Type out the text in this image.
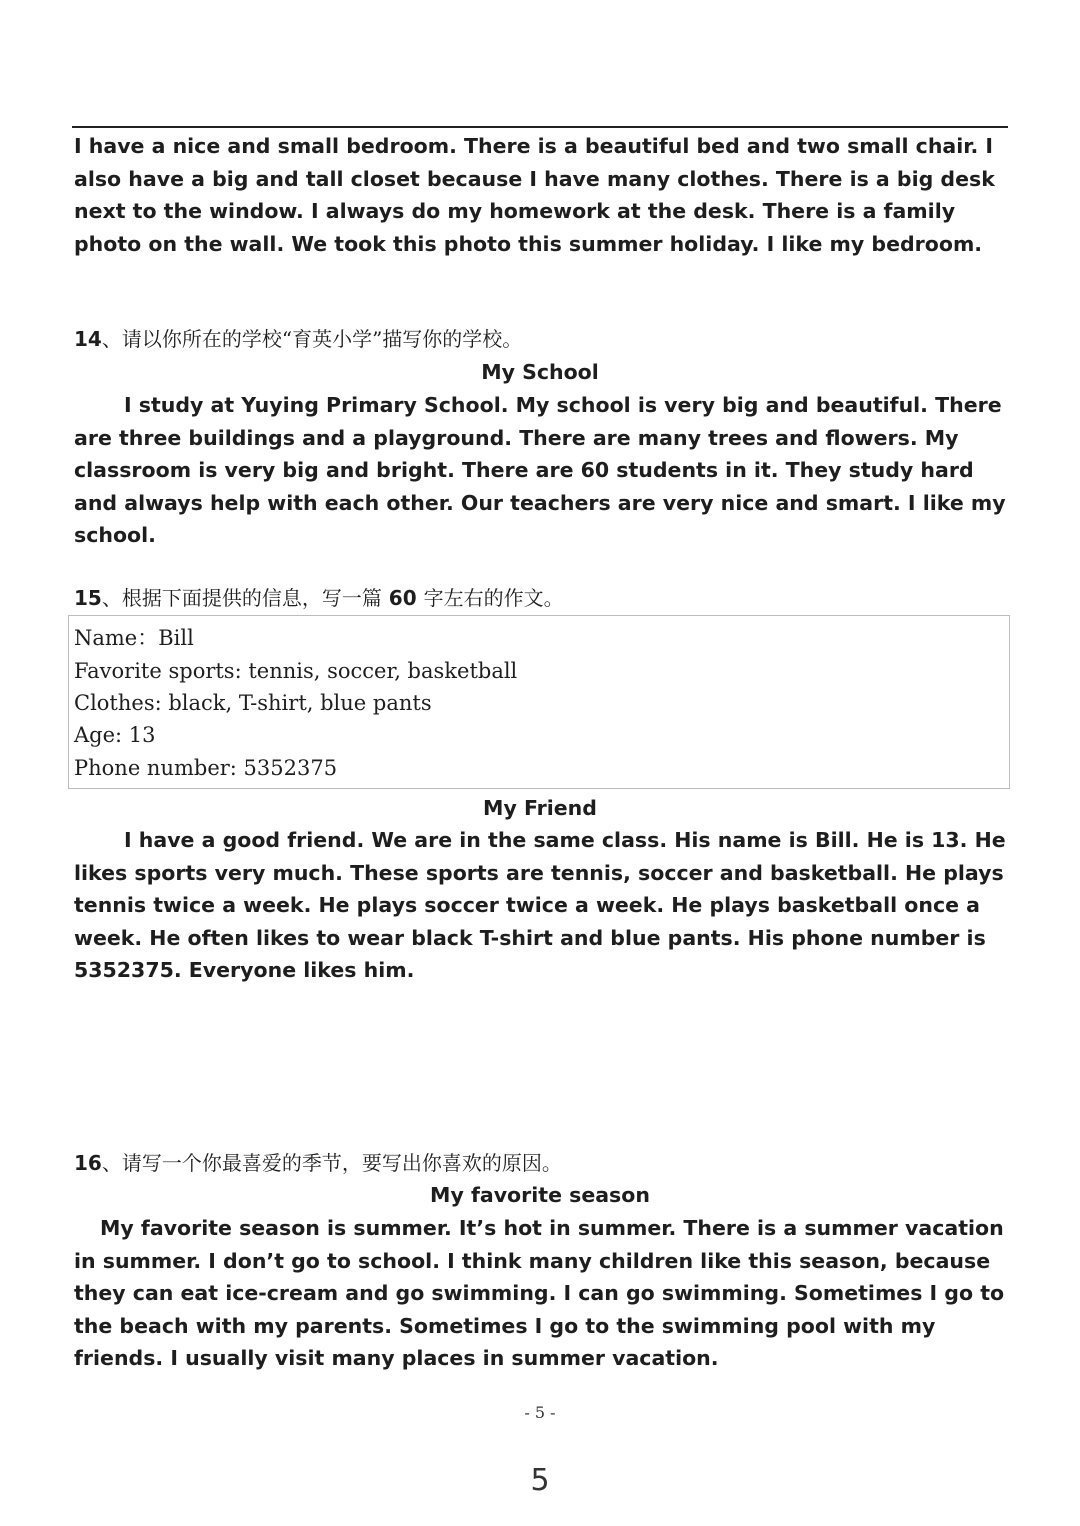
I have a nice and small bedroom. There is a beautiful bed and two small chair. I also have a big and tall closet because I have many clothes. There is a big desk next to the window. I always do my homework at the desk. There is a family photo on the wall. We took this photo this summer holiday. I like my bedroom.

14、请以你所在的学校“育英小学”描写你的学校。

My School

I study at Yuying Primary School. My school is very big and beautiful. There are three buildings and a playground. There are many trees and flowers. My classroom is very big and bright. There are 60 students in it. They study hard and always help with each other. Our teachers are very nice and smart. I like my school.

15、根据下面提供的信息，写一篇 60 字左右的作文。

Name：Bill
Favorite sports: tennis, soccer, basketball
Clothes: black, T-shirt, blue pants
Age: 13
Phone number: 5352375

My Friend

I have a good friend. We are in the same class. His name is Bill. He is 13. He likes sports very much. These sports are tennis, soccer and basketball. He plays tennis twice a week. He plays soccer twice a week. He plays basketball once a week. He often likes to wear black T-shirt and blue pants. His phone number is 5352375. Everyone likes him.

16、请写一个你最喜爱的季节，要写出你喜欢的原因。

My favorite season

My favorite season is summer. It’s hot in summer. There is a summer vacation in summer. I don’t go to school. I think many children like this season, because they can eat ice-cream and go swimming. I can go swimming. Sometimes I go to the beach with my parents. Sometimes I go to the swimming pool with my friends. I usually visit many places in summer vacation.

- 5 -
5
